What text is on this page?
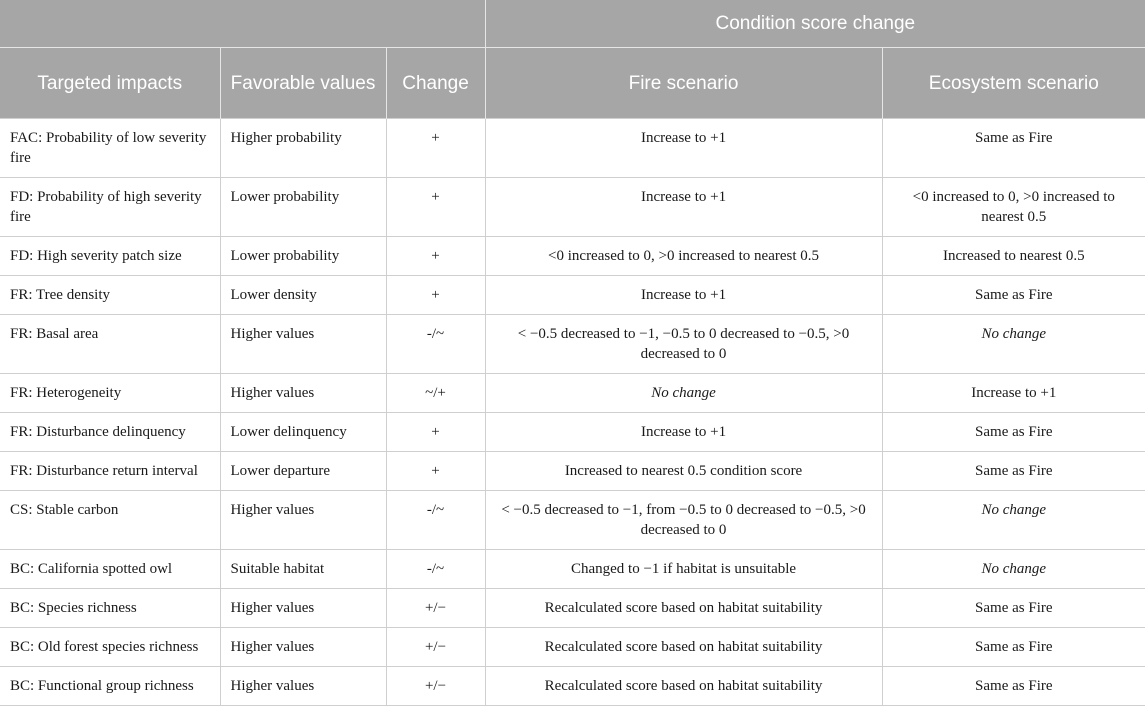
			Condition score change	
Targeted impacts	Favorable values	Change	Fire scenario	Ecosystem scenario
FAC: Probability of low severity fire	Higher probability	+	Increase to +1	Same as Fire
FD: Probability of high severity fire	Lower probability	+	Increase to +1	<0 increased to 0, >0 increased to nearest 0.5
FD: High severity patch size	Lower probability	+	<0 increased to 0, >0 increased to nearest 0.5	Increased to nearest 0.5
FR: Tree density	Lower density	+	Increase to +1	Same as Fire
FR: Basal area	Higher values	-/~	< −0.5 decreased to −1, −0.5 to 0 decreased to −0.5, >0 decreased to 0	No change
FR: Heterogeneity	Higher values	~/+	No change	Increase to +1
FR: Disturbance delinquency	Lower delinquency	+	Increase to +1	Same as Fire
FR: Disturbance return interval	Lower departure	+	Increased to nearest 0.5 condition score	Same as Fire
CS: Stable carbon	Higher values	-/~	< −0.5 decreased to −1, from −0.5 to 0 decreased to −0.5, >0 decreased to 0	No change
BC: California spotted owl	Suitable habitat	-/~	Changed to −1 if habitat is unsuitable	No change
BC: Species richness	Higher values	+/−	Recalculated score based on habitat suitability	Same as Fire
BC: Old forest species richness	Higher values	+/−	Recalculated score based on habitat suitability	Same as Fire
BC: Functional group richness	Higher values	+/−	Recalculated score based on habitat suitability	Same as Fire
